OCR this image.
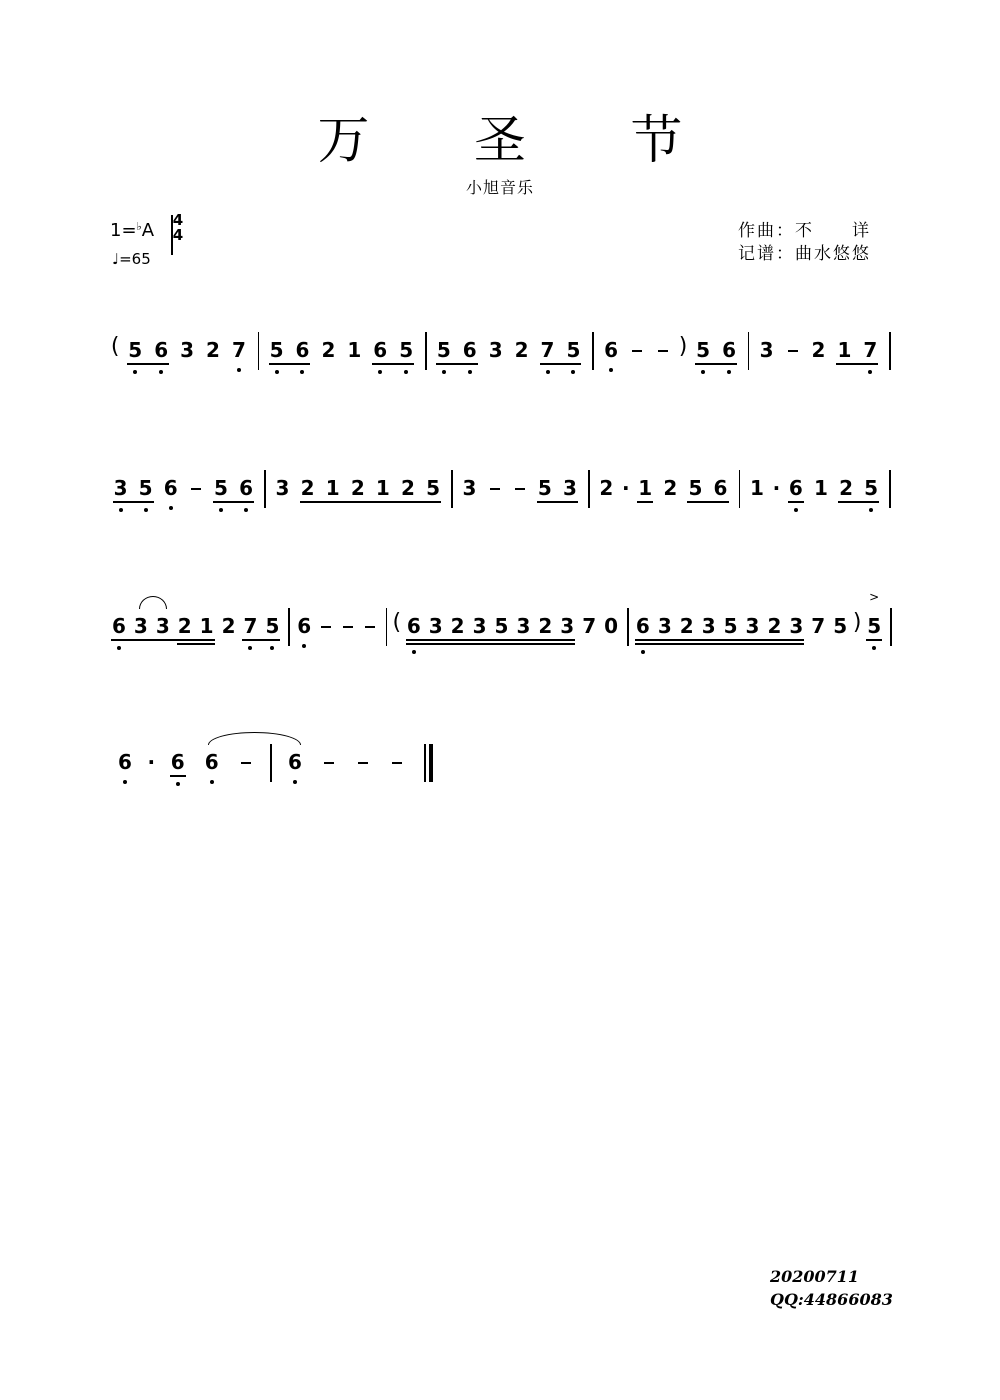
万 圣 节
小旭音乐
1=♭A 4
4
♩=65
作曲：不　　详
记谱：曲水悠悠
( 5 6 3 2 7 5 6 2 1 6 5 5 6 3 2 7 5 6	) 5 6 3 2 1 7
3 5 6 5 6 3 2 1 2 1 2 5 3	5 3 2 · 1 2 5 6 1 · 6 1 2 5
6 3 3 2 1 2 7 5 6	( 6 3 2 3 5 3 2 3 7 0 6 3 2 3 5 3 2 3 7 5 ) 5
>
6 · 6 6	6
20200711
QQ:44866083
